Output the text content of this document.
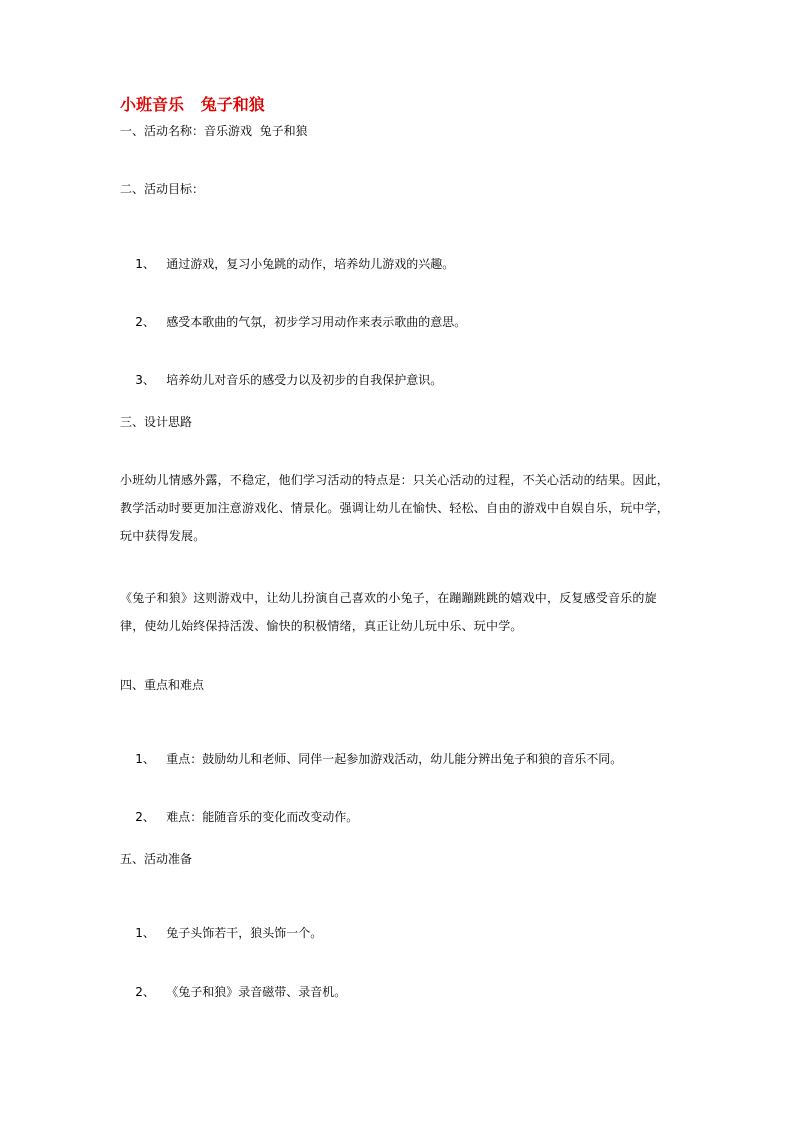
小班音乐   兔子和狼
一、活动名称：音乐游戏  兔子和狼
二、活动目标：

1、 通过游戏，复习小兔跳的动作，培养幼儿游戏的兴趣。

2、 感受本歌曲的气氛，初步学习用动作来表示歌曲的意思。

3、 培养幼儿对音乐的感受力以及初步的自我保护意识。

三、设计思路
小班幼儿情感外露，不稳定，他们学习活动的特点是：只关心活动的过程，不关心活动的结果。因此，教学活动时要更加注意游戏化、情景化。强调让幼儿在愉快、轻松、自由的游戏中自娱自乐，玩中学，玩中获得发展。
《兔子和狼》这则游戏中，让幼儿扮演自己喜欢的小兔子，在蹦蹦跳跳的嬉戏中，反复感受音乐的旋律，使幼儿始终保持活泼、愉快的积极情绪，真正让幼儿玩中乐、玩中学。
四、重点和难点

1、 重点：鼓励幼儿和老师、同伴一起参加游戏活动，幼儿能分辨出兔子和狼的音乐不同。

2、 难点：能随音乐的变化而改变动作。

五、活动准备

1、 兔子头饰若干，狼头饰一个。

2、 《兔子和狼》录音磁带、录音机。
